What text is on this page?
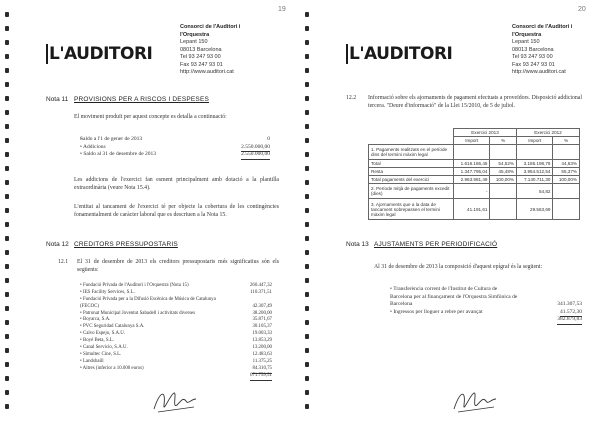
19
L'AUDITORI
Consorci de l'Auditori i
l'Orquestra
Lepant 150
08013 Barcelona
Tel 93 247 93 00
Fax 93 247 93 01
http://www.auditori.cat
Nota 11 PROVISIONS PER A RISCOS I DESPESES
El moviment produït per aquest concepte es detalla a continuació:
• Saldo a l'1 de gener de 2013	0
• Addicions	2.550.000,00
• Saldo al 31 de desembre de 2013	2.550.000,00
Les addicions de l'exercici fan esment principalment amb dotació a la plantilla extraordinària (veure Nota 15.4).
L'entitat al tancament de l'exercici té per objecte la cobertura de les contingències fonamentalment de caràcter laboral que es descriuen a la Nota 15.
Nota 12 CREDITORS PRESSUPOSTARIS
12.1	El 31 de desembre de 2013 els creditors pressupostaris més significatius són els següents:
• Fundació Privada de l'Auditori i l'Orquestra (Nota 15)	260.447,32
• IES Facility Services, S.L.	110.371,51
• Fundació Privada per a la Difusió Escènica de Música de Catalunya (FECOC)	42.307,49
• Patronat Municipal Joventut Sabadell i activitats diverses	38.200,00
• Boyarca, S.A.	35.871,67
• PVC Seguridad Catalunya S.A.	30.105,37
• Calvo Espejo, S.A.U.	19.003,33
• Boyé Beta, S.L.	13.853,29
• Canal Servicio, S.A.U.	13.200,00
• Simultec Cine, S.L.	12.483,63
• Landsbaill	11.375,25
• Altres (inferior a 10.000 euros)	84.310,75
671.759,51
20
L'AUDITORI
Consorci de l'Auditori i
l'Orquestra
Lepant 150
08013 Barcelona
Tel 93 247 93 00
Fax 93 247 93 01
http://www.auditori.cat
12.2	Informació sobre els ajornaments de pagament efectuats a proveïdors. Disposició addicional tercera. "Deure d'informació" de la Llei 15/2010, de 5 de juliol.
	Exercici 2013		Exercici 2012	
	Import	%	Import	%
1. Pagaments realitzats en el període dins del termini màxim legal				
Total	1.616.186,45	54,52%	3.186.198,76	44,63%
Resta	1.347.795,04	45,48%	3.954.512,54	55,37%
Total pagaments del exercici	2.963.981,49	100,00%	7.140.711,30	100,00%
2. Període mitjà de pagaments excedit (dies)	-		54,82	
3. Ajornaments que a la data de tancament sobrepassen el termini màxim legal	41.191,61		29.563,69	
Nota 13 AJUSTAMENTS PER PERIODIFICACIÓ
Al 31 de desembre de 2013 la composició d'aquest epígraf és la següent:
• Transferència corrent de l'Institut de Cultura de Barcelona per al finançament de l'Orquestra Simfònica de Barcelona	341.307,53
• Ingressos per lloguer a rebre per avançat	41.572,30
382.879,83
